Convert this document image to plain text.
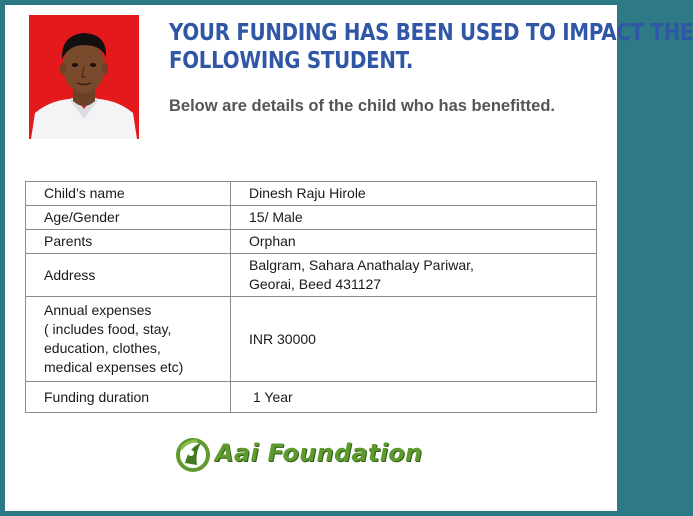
YOUR FUNDING HAS BEEN USED TO IMPACT THE
FOLLOWING STUDENT.
Below are details of the child who has benefitted.
Child’s name	Dinesh Raju Hirole
Age/Gender	15/ Male
Parents	Orphan
Address	Balgram, Sahara Anathalay Pariwar,
Georai, Beed 431127

Annual expenses
( includes food, stay,
education, clothes,
medical expenses etc)	INR 30000
Funding duration	1 Year
Aai Foundation
